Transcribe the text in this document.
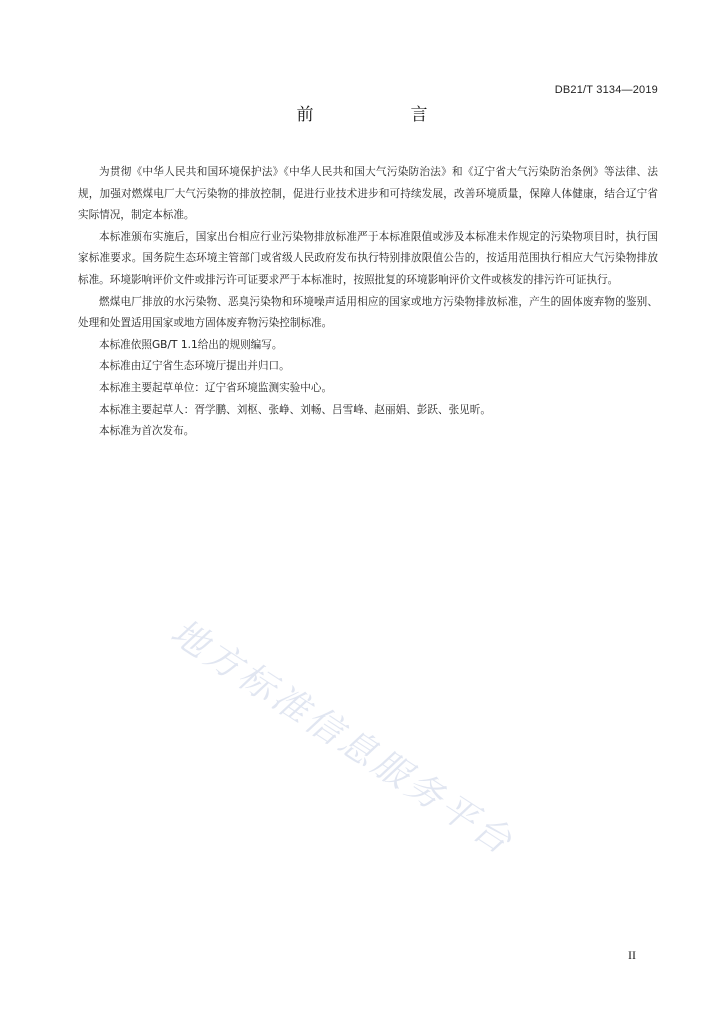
DB21/T 3134—2019
前　言

为贯彻《中华人民共和国环境保护法》《中华人民共和国大气污染防治法》和《辽宁省大气污染防治条例》等法律、法规，加强对燃煤电厂大气污染物的排放控制，促进行业技术进步和可持续发展，改善环境质量，保障人体健康，结合辽宁省实际情况，制定本标准。

本标准颁布实施后，国家出台相应行业污染物排放标准严于本标准限值或涉及本标准未作规定的污染物项目时，执行国家标准要求。国务院生态环境主管部门或省级人民政府发布执行特别排放限值公告的，按适用范围执行相应大气污染物排放标准。环境影响评价文件或排污许可证要求严于本标准时，按照批复的环境影响评价文件或核发的排污许可证执行。

燃煤电厂排放的水污染物、恶臭污染物和环境噪声适用相应的国家或地方污染物排放标准，产生的固体废弃物的鉴别、处理和处置适用国家或地方固体废弃物污染控制标准。

本标准依照GB/T 1.1给出的规则编写。

本标准由辽宁省生态环境厅提出并归口。

本标准主要起草单位：辽宁省环境监测实验中心。

本标准主要起草人：胥学鹏、刘枢、张峥、刘畅、吕雪峰、赵丽娟、彭跃、张见昕。

本标准为首次发布。

地方标准信息服务平台
II
